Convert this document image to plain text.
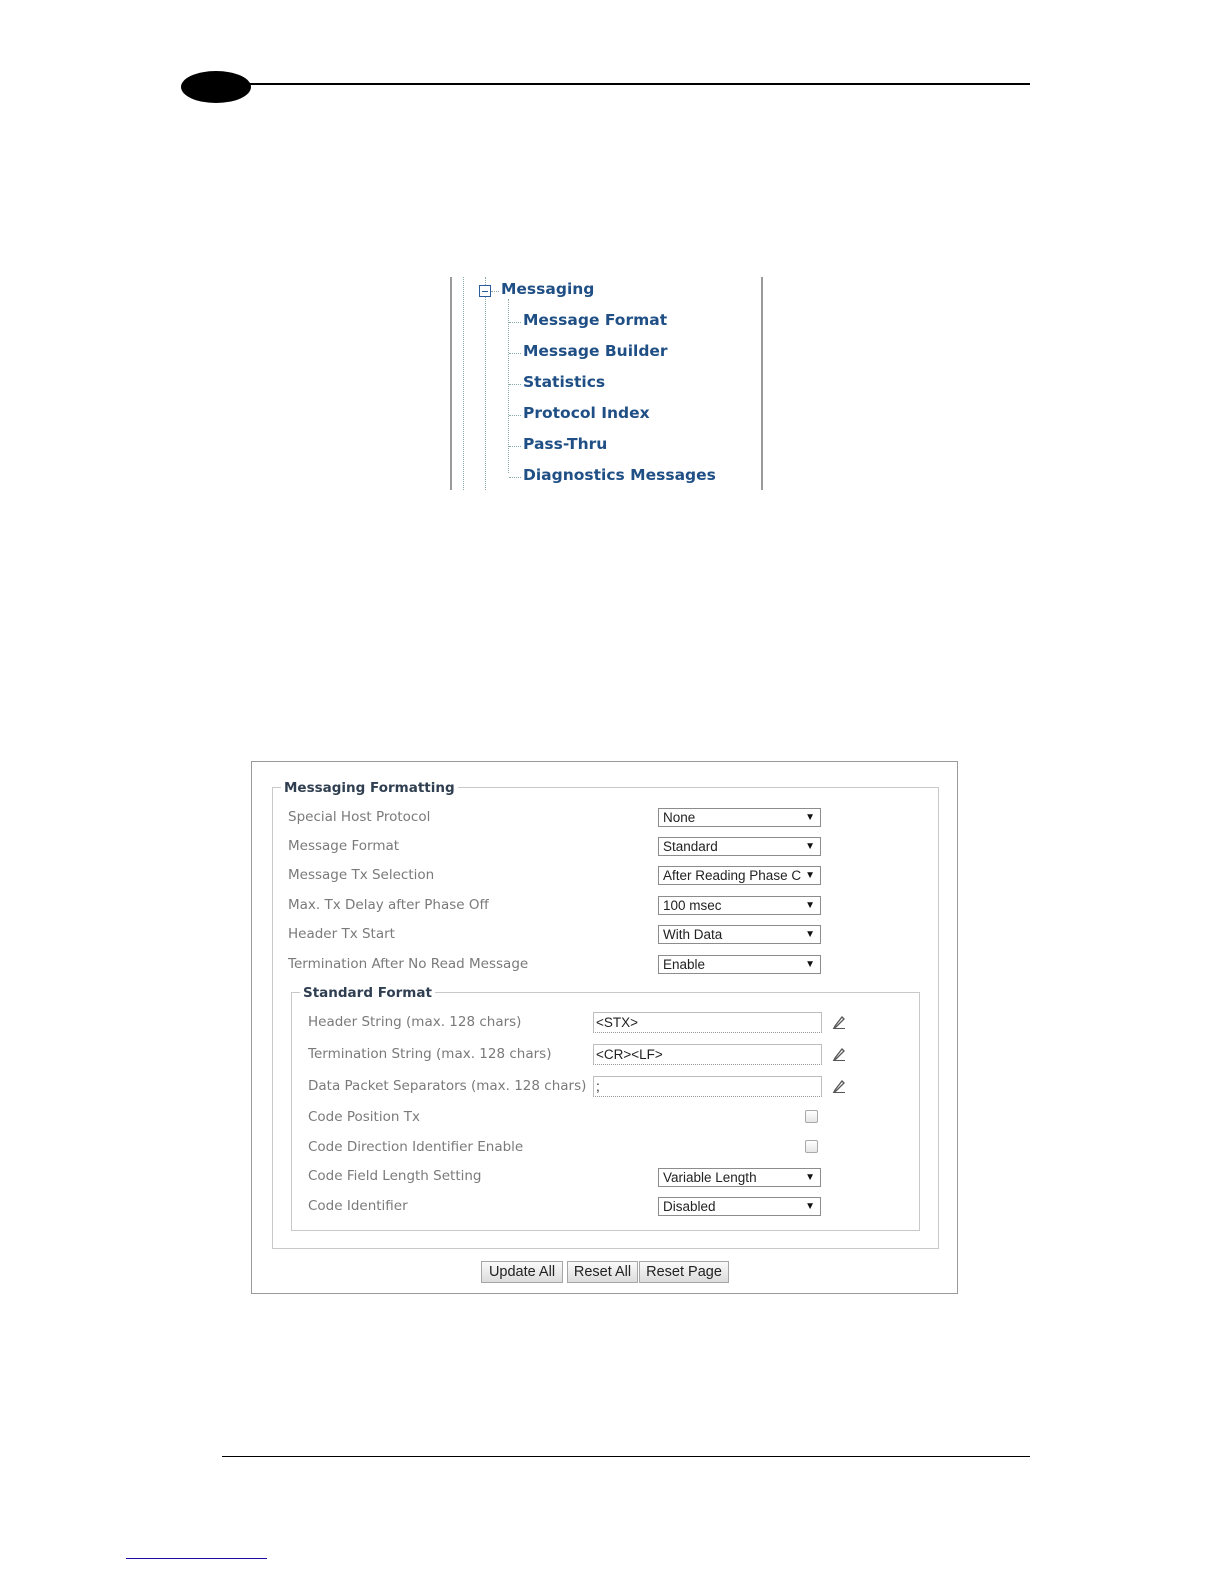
Messaging
Message Format
Message Builder
Statistics
Protocol Index
Pass-Thru
Diagnostics Messages
Messaging Formatting
Special Host Protocol	None	▼
Message Format	Standard	▼
Message Tx Selection	After Reading Phase C ▼
Max. Tx Delay after Phase Off	100 msec	▼
Header Tx Start	With Data	▼
Termination After No Read Message	Enable	▼
Standard Format
Header String (max. 128 chars)	<STX>
Termination String (max. 128 chars)	<CR><LF>
Data Packet Separators (max. 128 chars) ;
Code Position Tx
Code Direction Identifier Enable
Code Field Length Setting	Variable Length	▼
Code Identifier	Disabled	▼
Update All	Reset All	Reset Page
